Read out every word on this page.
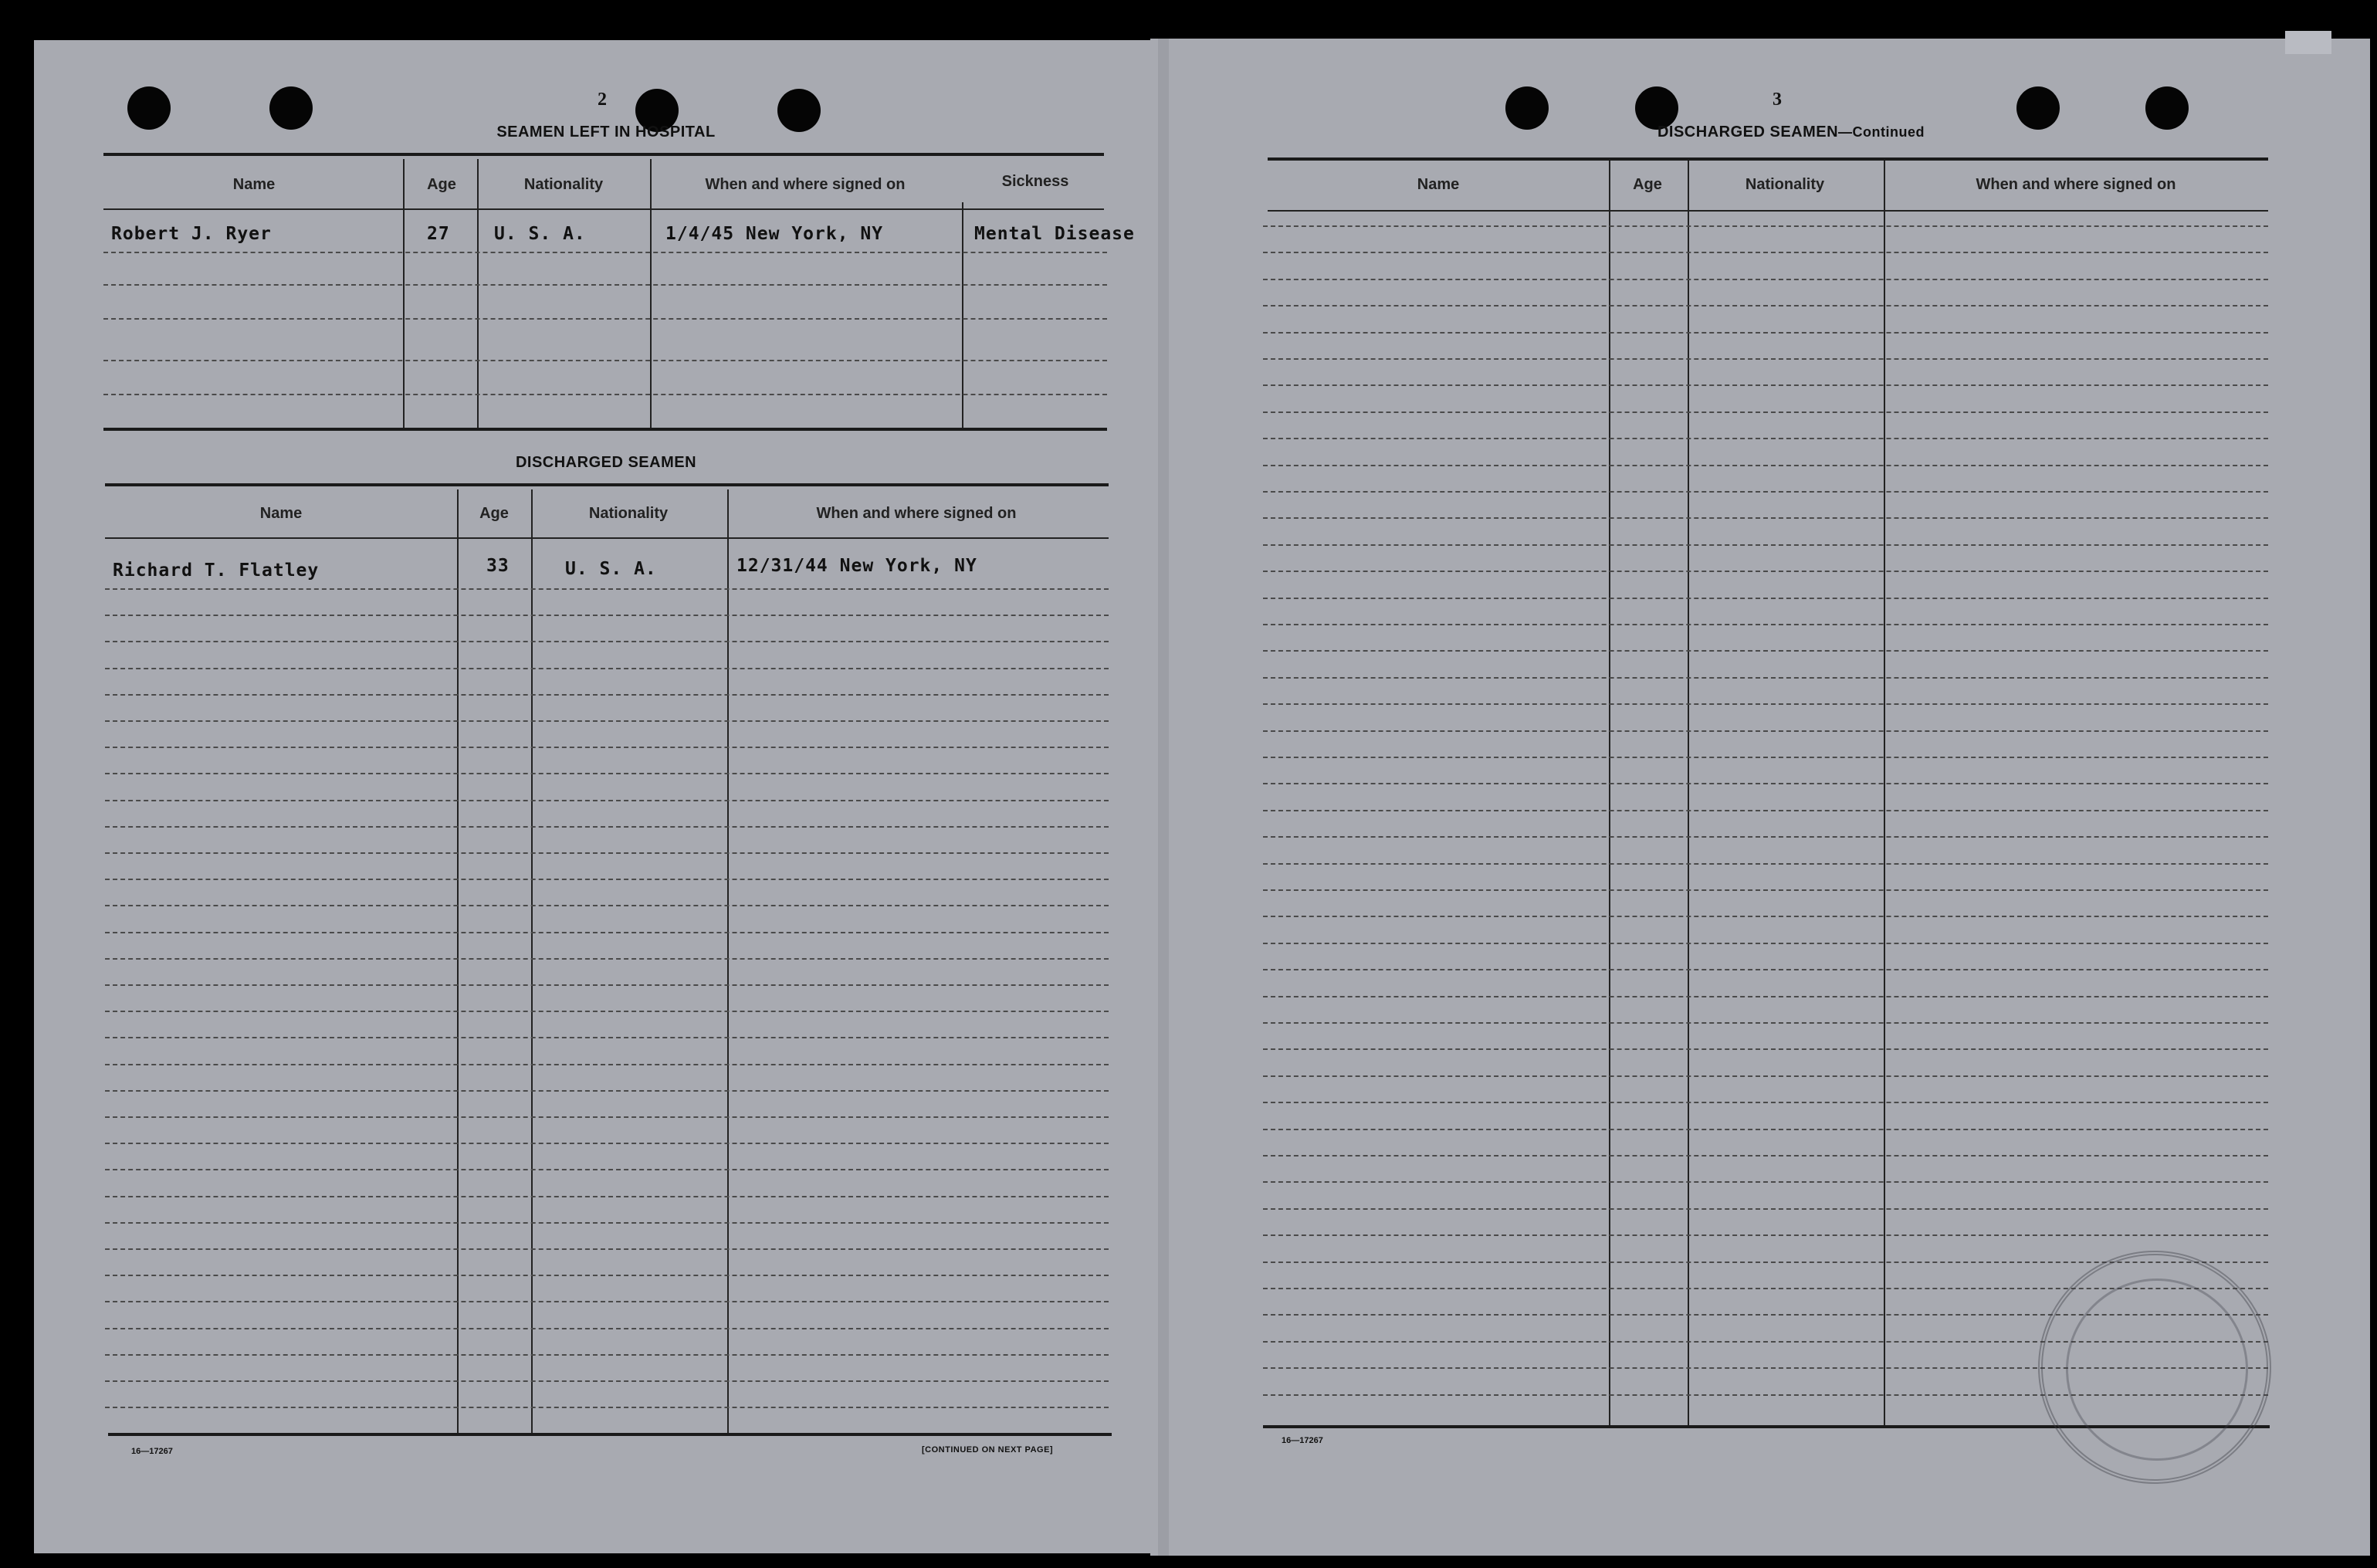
2
SEAMEN LEFT IN HOSPITAL
Name	Age	Nationality	When and where signed on	Sickness
Robert J. Ryer	27 U. S. A.	1/4/45 New York, NY	Mental Disease
DISCHARGED SEAMEN
Name	Age	Nationality	When and where signed on
Richard T. Flatley	33	U. S. A.	12/31/44 New York, NY
16—17267	[CONTINUED ON NEXT PAGE]
3
DISCHARGED SEAMEN—Continued
Name	Age	Nationality	When and where signed on
16—17267
